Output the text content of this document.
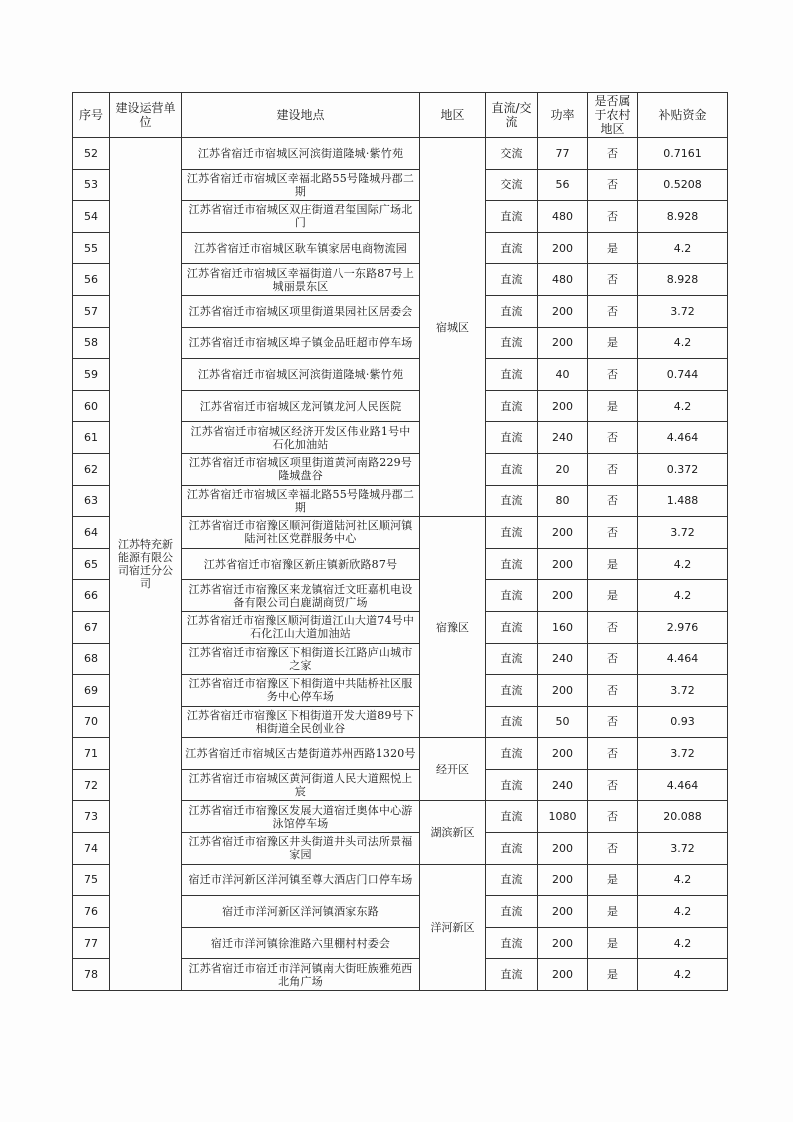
序号	建设运营单位	建设地点	地区	直流/交流	功率	是否属于农村地区	补贴资金
52	江苏特充新能源有限公司宿迁分公司	江苏省宿迁市宿城区河滨街道隆城·紫竹苑	宿城区	交流	77	否	0.7161
53		江苏省宿迁市宿城区幸福北路55号隆城丹郡二期		交流	56	否	0.5208
54		江苏省宿迁市宿城区双庄街道君玺国际广场北门		直流	480	否	8.928
55		江苏省宿迁市宿城区耿车镇家居电商物流园		直流	200	是	4.2
56		江苏省宿迁市宿城区幸福街道八一东路87号上城丽景东区		直流	480	否	8.928
57		江苏省宿迁市宿城区项里街道果园社区居委会		直流	200	否	3.72
58		江苏省宿迁市宿城区埠子镇金品旺超市停车场		直流	200	是	4.2
59		江苏省宿迁市宿城区河滨街道隆城·紫竹苑		直流	40	否	0.744
60		江苏省宿迁市宿城区龙河镇龙河人民医院		直流	200	是	4.2
61		江苏省宿迁市宿城区经济开发区伟业路1号中石化加油站		直流	240	否	4.464
62		江苏省宿迁市宿城区项里街道黄河南路229号隆城盘谷		直流	20	否	0.372
63		江苏省宿迁市宿城区幸福北路55号隆城丹郡二期		直流	80	否	1.488
64		江苏省宿迁市宿豫区顺河街道陆河社区顺河镇陆河社区党群服务中心	宿豫区	直流	200	否	3.72
65		江苏省宿迁市宿豫区新庄镇新欣路87号		直流	200	是	4.2
66		江苏省宿迁市宿豫区来龙镇宿迁文旺嘉机电设备有限公司白鹿湖商贸广场		直流	200	是	4.2
67		江苏省宿迁市宿豫区顺河街道江山大道74号中石化江山大道加油站		直流	160	否	2.976
68		江苏省宿迁市宿豫区下相街道长江路庐山城市之家		直流	240	否	4.464
69		江苏省宿迁市宿豫区下相街道中共陆桥社区服务中心停车场		直流	200	否	3.72
70		江苏省宿迁市宿豫区下相街道开发大道89号下相街道全民创业谷		直流	50	否	0.93
71		江苏省宿迁市宿城区古楚街道苏州西路1320号	经开区	直流	200	否	3.72
72		江苏省宿迁市宿城区黄河街道人民大道熙悦上宸		直流	240	否	4.464
73		江苏省宿迁市宿豫区发展大道宿迁奥体中心游泳馆停车场	湖滨新区	直流	1080	否	20.088
74		江苏省宿迁市宿豫区井头街道井头司法所景福家园		直流	200	否	3.72
75		宿迁市洋河新区洋河镇至尊大酒店门口停车场	洋河新区	直流	200	是	4.2
76		宿迁市洋河新区洋河镇酒家东路		直流	200	是	4.2
77		宿迁市洋河镇徐淮路六里棚村村委会		直流	200	是	4.2
78		江苏省宿迁市宿迁市洋河镇南大街旺族雅苑西北角广场		直流	200	是	4.2
